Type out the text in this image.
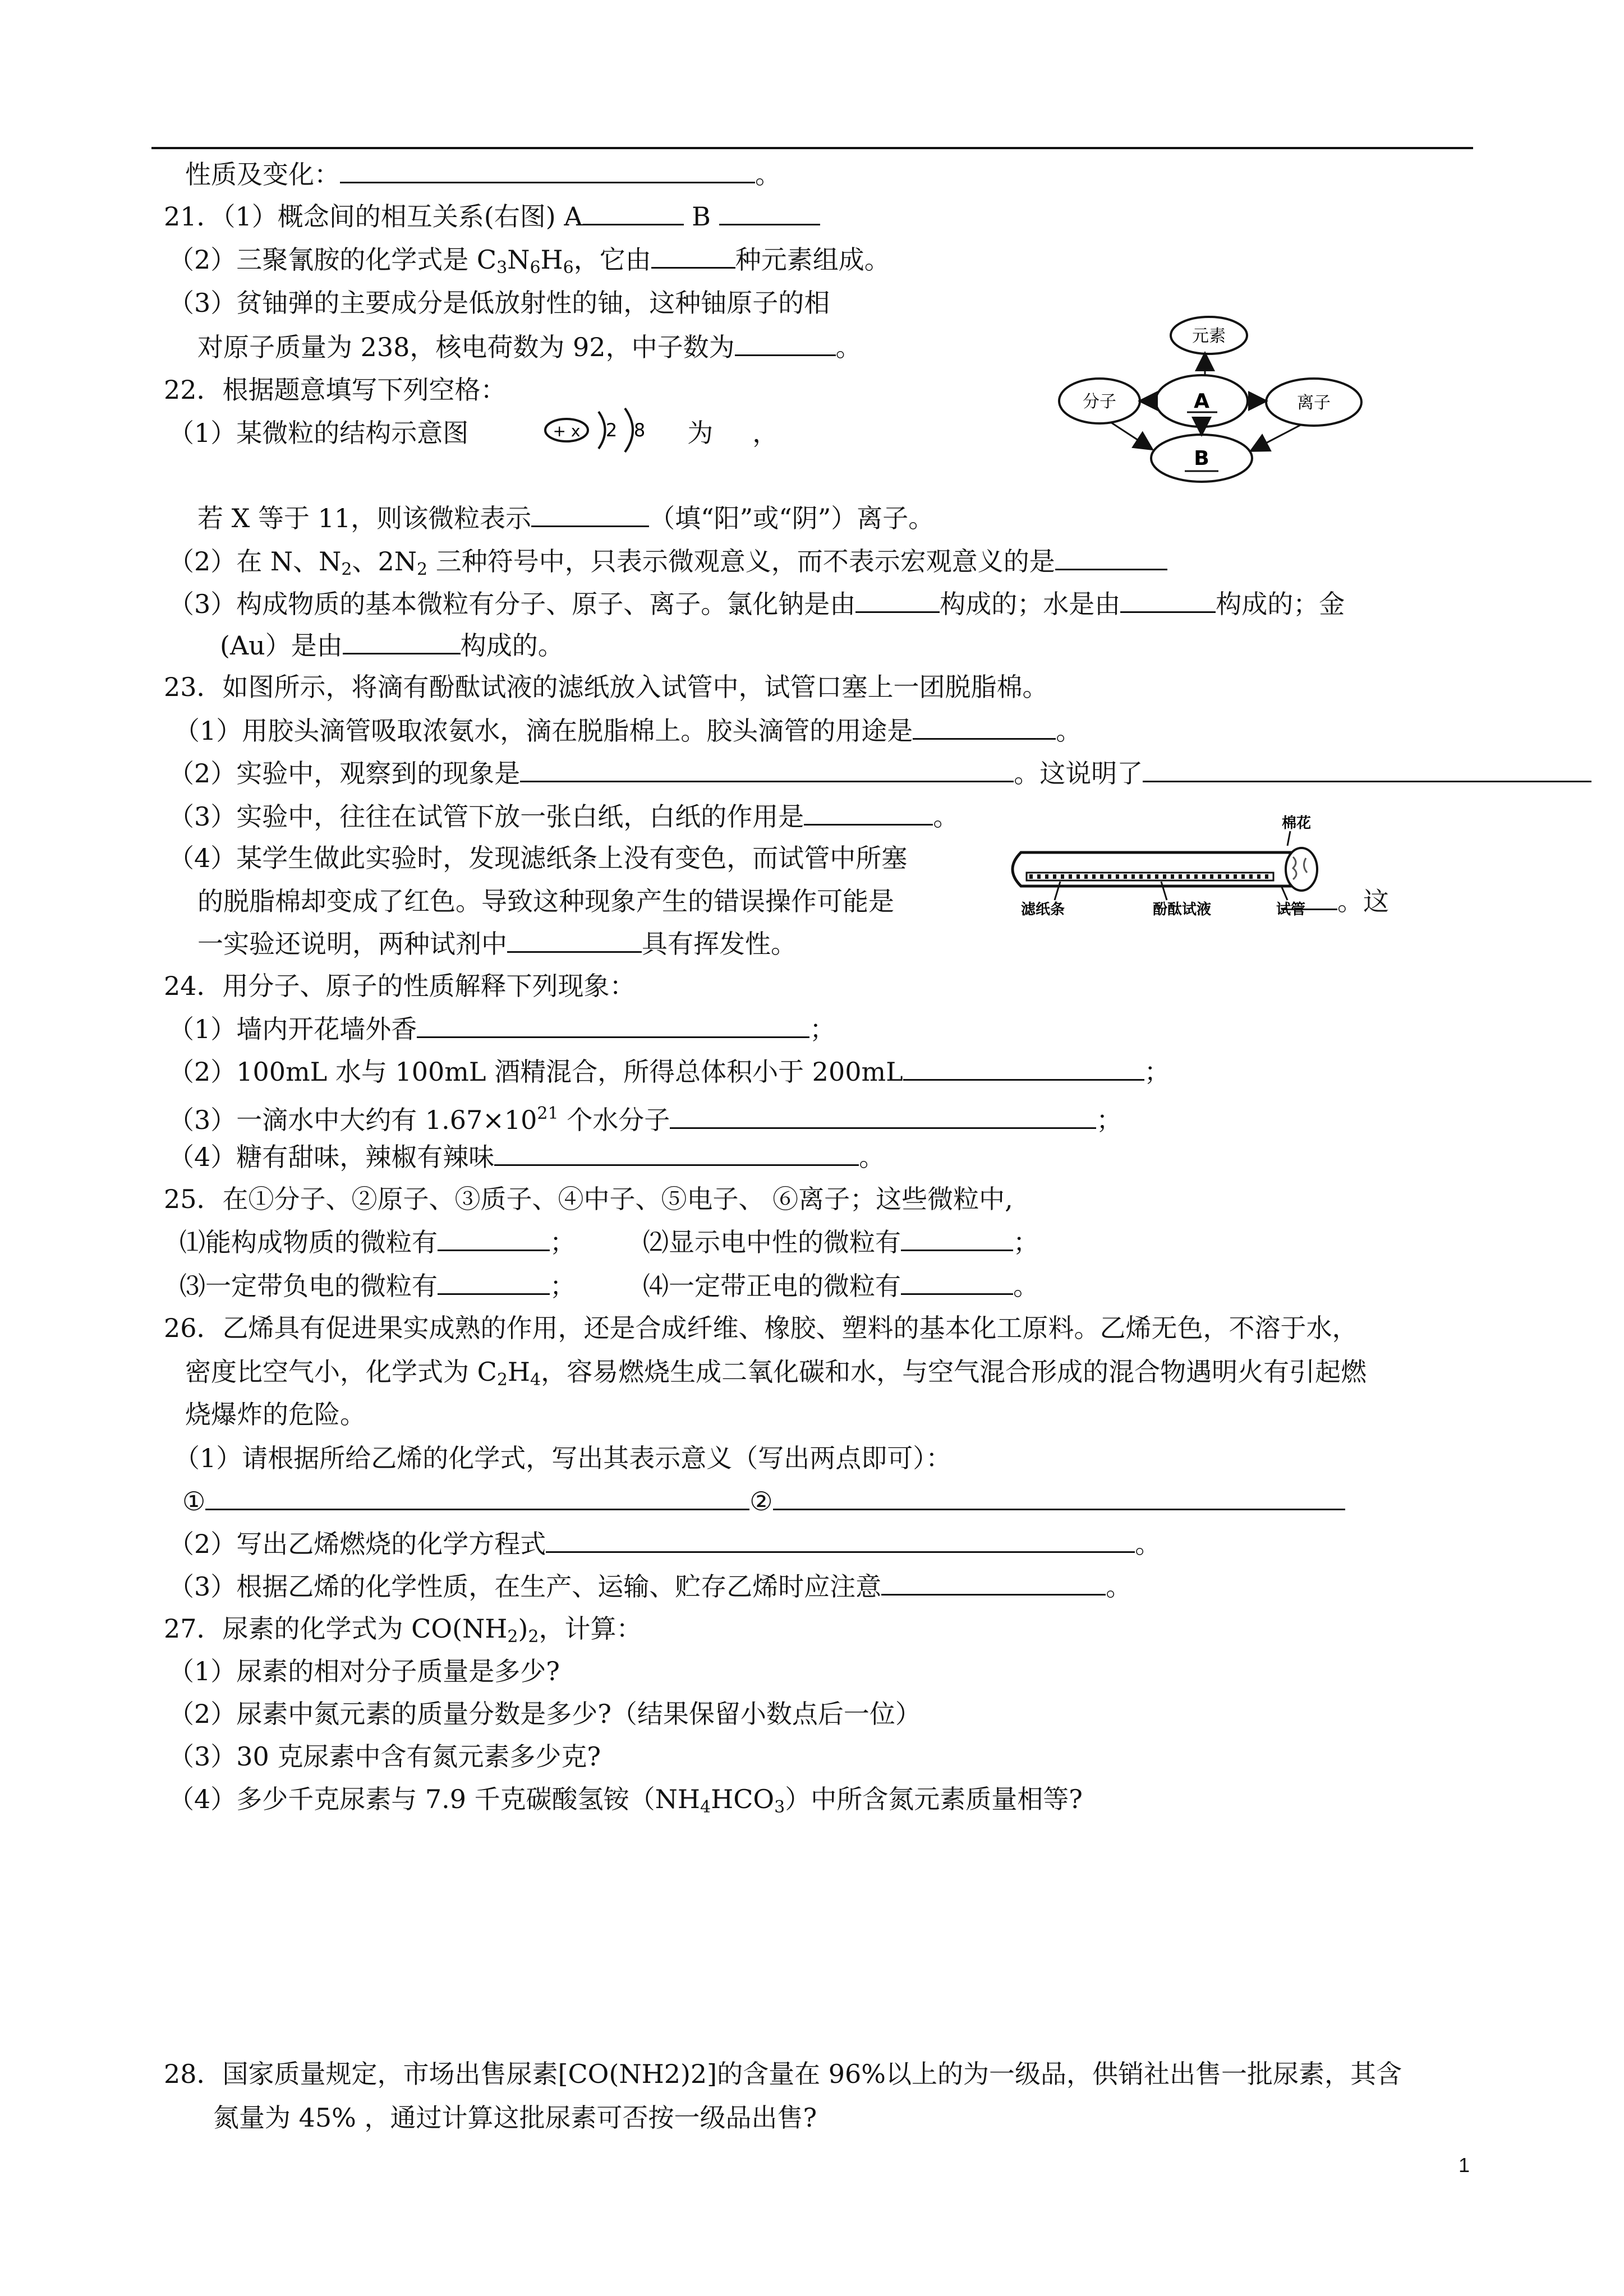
性质及变化：	。
21．（1）概念间的相互关系(右图) A	B
（2）三聚氰胺的化学式是 $C_3N_6H_6$，它由	种元素组成。
（3）贫铀弹的主要成分是低放射性的铀，这种铀原子的相
对原子质量为 238，核电荷数为 92，中子数为	。	元素
分子	A	离子
B
22．根据题意填写下列空格：
（1）某微粒的结构示意图	为 ，
+ x 2 8
若 X 等于 11，则该微粒表示	（填“阳”或“阴”）离子。
（2）在 N、$N_2$、$2N_2$ 三种符号中，只表示微观意义，而不表示宏观意义的是
（3）构成物质的基本微粒有分子、原子、离子。氯化钠是由	构成的；水是由	构成的；金
(Au）是由	构成的。
23．如图所示，将滴有酚酞试液的滤纸放入试管中，试管口塞上一团脱脂棉。
（1）用胶头滴管吸取浓氨水，滴在脱脂棉上。胶头滴管的用途是	。
（2）实验中，观察到的现象是	。这说明了
（3）实验中，往往在试管下放一张白纸，白纸的作用是	。
（4）某学生做此实验时，发现滤纸条上没有变色，而试管中所塞
的脱脂棉却变成了红色。导致这种现象产生的错误操作可能是	。这
一实验还说明，两种试剂中	具有挥发性。
棉花
滤纸条	酚酞试液	试管
24．用分子、原子的性质解释下列现象：
（1）墙内开花墙外香	；
（2）100mL 水与 100mL 酒精混合，所得总体积小于 200mL	；
（3）一滴水中大约有 $1.67\times 10^{21}$ 个水分子	；
（4）糖有甜味，辣椒有辣味	。
25．在①分子、②原子、③质子、④中子、⑤电子、 ⑥离子；这些微粒中,
⑴能构成物质的微粒有	；	⑵显示电中性的微粒有	；
⑶一定带负电的微粒有	；	⑷一定带正电的微粒有	。
26．乙烯具有促进果实成熟的作用，还是合成纤维、橡胶、塑料的基本化工原料。乙烯无色，不溶于水，
密度比空气小，化学式为 $C_2H_4$，容易燃烧生成二氧化碳和水，与空气混合形成的混合物遇明火有引起燃
烧爆炸的危险。
（1）请根据所给乙烯的化学式，写出其表示意义（写出两点即可）：
①	②
（2）写出乙烯燃烧的化学方程式	。
（3）根据乙烯的化学性质，在生产、运输、贮存乙烯时应注意	。
27．尿素的化学式为 $CO(NH_2)_2$，计算：
（1）尿素的相对分子质量是多少?
（2）尿素中氮元素的质量分数是多少?（结果保留小数点后一位）
（3）30 克尿素中含有氮元素多少克?
（4）多少千克尿素与 7.9 千克碳酸氢铵$(NH_4HCO_3)$中所含氮元素质量相等?
28．国家质量规定，市场出售尿素[CO(NH2)2]的含量在 96%以上的为一级品，供销社出售一批尿素，其含
氮量为 45% ，通过计算这批尿素可否按一级品出售?
1
